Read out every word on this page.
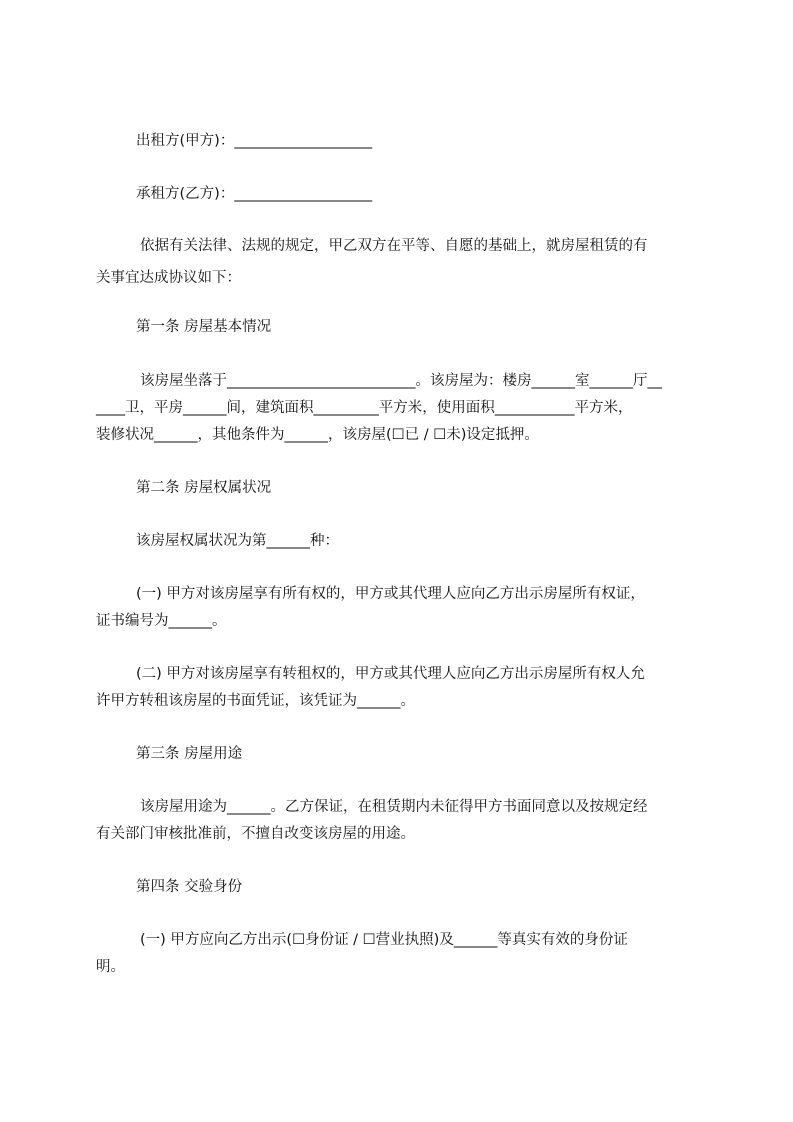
出租方(甲方)：___________________
承租方(乙方)：___________________
依据有关法律、法规的规定，甲乙双方在平等、自愿的基础上，就房屋租赁的有
关事宜达成协议如下：
第一条 房屋基本情况
该房屋坐落于__________________________。该房屋为：楼房______室______厅__
____卫，平房______间，建筑面积_________平方米，使用面积___________平方米，
装修状况______，其他条件为______，该房屋(☐已 / ☐未)设定抵押。
第二条 房屋权属状况
该房屋权属状况为第______种：
(一) 甲方对该房屋享有所有权的，甲方或其代理人应向乙方出示房屋所有权证，
证书编号为______。
(二) 甲方对该房屋享有转租权的，甲方或其代理人应向乙方出示房屋所有权人允
许甲方转租该房屋的书面凭证，该凭证为______。
第三条 房屋用途
该房屋用途为______。乙方保证，在租赁期内未征得甲方书面同意以及按规定经
有关部门审核批准前，不擅自改变该房屋的用途。
第四条 交验身份
(一) 甲方应向乙方出示(☐身份证 / ☐营业执照)及______等真实有效的身份证
明。
